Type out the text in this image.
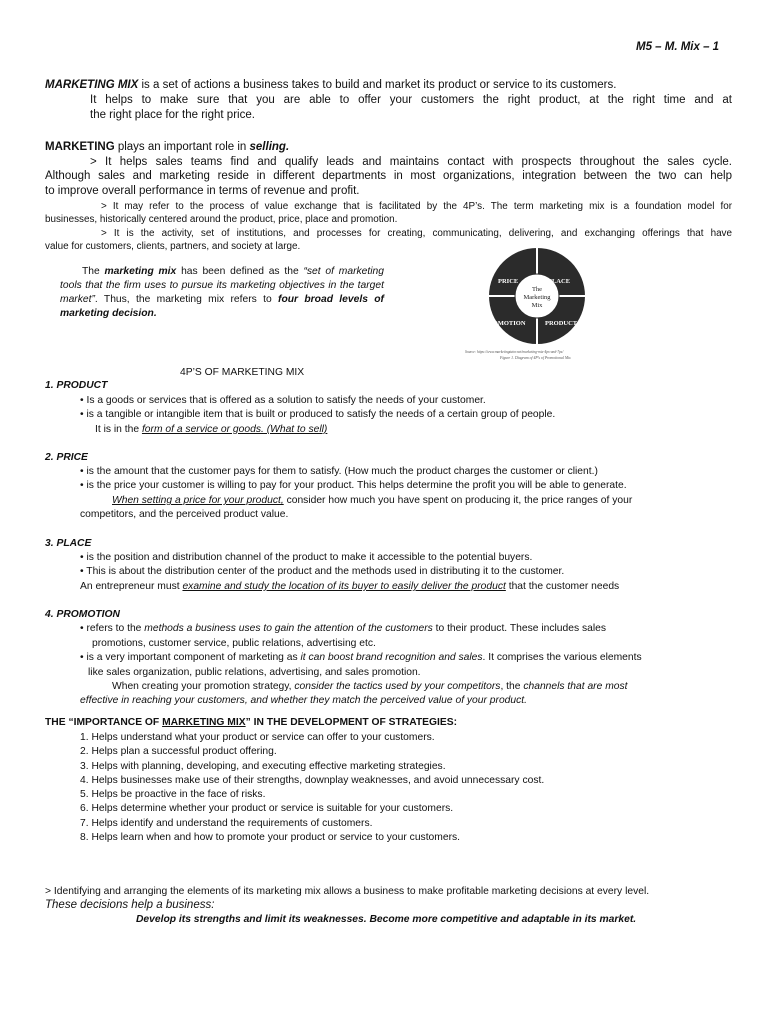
M5 – M. Mix – 1
MARKETING MIX is a set of actions a business takes to build and market its product or service to its customers.
It helps to make sure that you are able to offer your customers the right product, at the right time and at
the right place for the right price.
MARKETING plays an important role in selling.
> It helps sales teams find and qualify leads and maintains contact with prospects throughout the sales cycle.
Although sales and marketing reside in different departments in most organizations, integration between the two can help
to improve overall performance in terms of revenue and profit.
> It may refer to the process of value exchange that is facilitated by the 4P’s. The term marketing mix is a foundation model for
businesses, historically centered around the product, price, place and promotion.
> It is the activity, set of institutions, and processes for creating, communicating, delivering, and exchanging offerings that have
value for customers, clients, partners, and society at large.
The marketing mix has been defined as the “set of marketing tools that the firm uses to pursue its marketing objectives in the target market”. Thus, the marketing mix refers to four broad levels of marketing decision.
The
Marketing
Mix
PRICE	PLACE
PROMOTION	PRODUCT
Source: https://www.marketingtutor.net/marketing-mix-4ps-and-7ps/
Figure 1. Diagram of 4P’s of Promotional Mix
4P’S OF MARKETING MIX
1. PRODUCT
• Is a goods or services that is offered as a solution to satisfy the needs of your customer.
• is a tangible or intangible item that is built or produced to satisfy the needs of a certain group of people.
It is in the form of a service or goods. (What to sell)
2. PRICE
• is the amount that the customer pays for them to satisfy. (How much the product charges the customer or client.)
• is the price your customer is willing to pay for your product. This helps determine the profit you will be able to generate.
When setting a price for your product, consider how much you have spent on producing it, the price ranges of your
competitors, and the perceived product value.
3. PLACE
• is the position and distribution channel of the product to make it accessible to the potential buyers.
• This is about the distribution center of the product and the methods used in distributing it to the customer.
An entrepreneur must examine and study the location of its buyer to easily deliver the product that the customer needs
4. PROMOTION
• refers to the methods a business uses to gain the attention of the customers to their product. These includes sales
promotions, customer service, public relations, advertising etc.
• is a very important component of marketing as it can boost brand recognition and sales. It comprises the various elements
like sales organization, public relations, advertising, and sales promotion.
When creating your promotion strategy, consider the tactics used by your competitors, the channels that are most
effective in reaching your customers, and whether they match the perceived value of your product.
THE “IMPORTANCE OF MARKETING MIX” IN THE DEVELOPMENT OF STRATEGIES:
1. Helps understand what your product or service can offer to your customers.
2. Helps plan a successful product offering.
3. Helps with planning, developing, and executing effective marketing strategies.
4. Helps businesses make use of their strengths, downplay weaknesses, and avoid unnecessary cost.
5. Helps be proactive in the face of risks.
6. Helps determine whether your product or service is suitable for your customers.
7. Helps identify and understand the requirements of customers.
8. Helps learn when and how to promote your product or service to your customers.
> Identifying and arranging the elements of its marketing mix allows a business to make profitable marketing decisions at every level.
These decisions help a business:
Develop its strengths and limit its weaknesses. Become more competitive and adaptable in its market.
